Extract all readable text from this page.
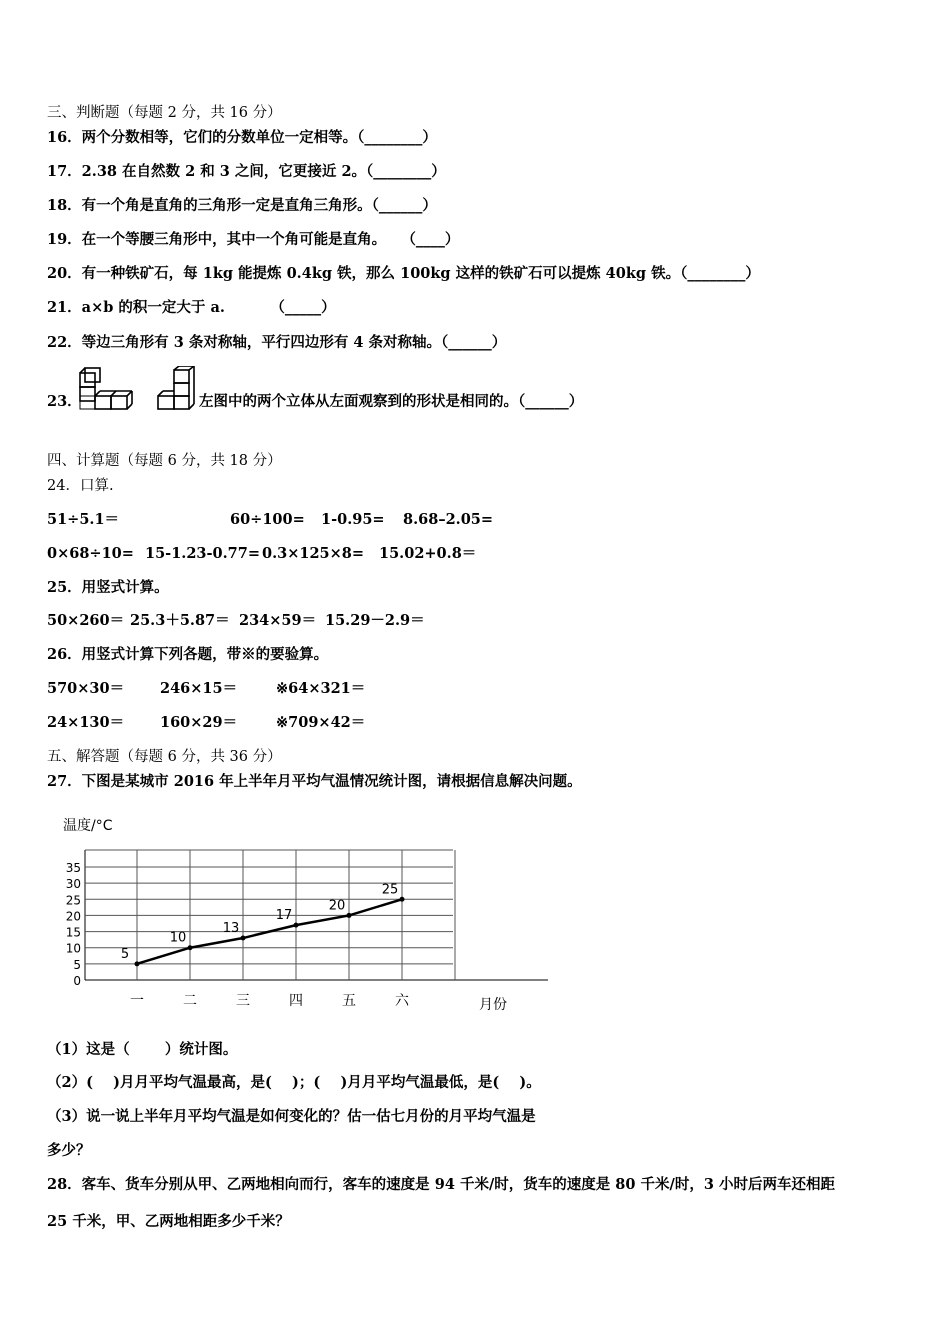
三、判断题（每题 2 分，共 16 分）
16．两个分数相等，它们的分数单位一定相等。（________）
17．2.38 在自然数 2 和 3 之间，它更接近 2。（________）
18．有一个角是直角的三角形一定是直角三角形。（______）
19．在一个等腰三角形中，其中一个角可能是直角。   （____）
20．有一种铁矿石，每 1kg 能提炼 0.4kg 铁，那么 100kg 这样的铁矿石可以提炼 40kg 铁。（________）
21．a×b 的积一定大于 a.         （_____）
22．等边三角形有 3 条对称轴，平行四边形有 4 条对称轴。（______）
23．	左图中的两个立体从左面观察到的形状是相同的。（______）
四、计算题（每题 6 分，共 18 分）
24．口算.
51÷5.1＝	60÷100= 1-0.95= 8.68–2.05=
0×68÷10= 15-1.23-0.77= 0.3×125×8= 15.02+0.8＝
25．用竖式计算。
50×260＝ 25.3＋5.87＝ 234×59＝ 15.29－2.9＝
26．用竖式计算下列各题，带※的要验算。
570×30＝ 246×15＝	※64×321＝
24×130＝ 160×29＝	※709×42＝
五、解答题（每题 6 分，共 36 分）
27．下图是某城市 2016 年上半年月平均气温情况统计图，请根据信息解决问题。
温度/°C
月份
0
5
10
15
20
25
30
35
一	二	三	四	五	六
5
10
13
17
20
25
（1）这是（       ）统计图。
（2）(    )月月平均气温最高，是(    )；(    )月月平均气温最低，是(    )。
（3）说一说上半年月平均气温是如何变化的？估一估七月份的月平均气温是
多少？
28．客车、货车分别从甲、乙两地相向而行，客车的速度是 94 千米/时，货车的速度是 80 千米/时，3 小时后两车还相距
25 千米，甲、乙两地相距多少千米？
